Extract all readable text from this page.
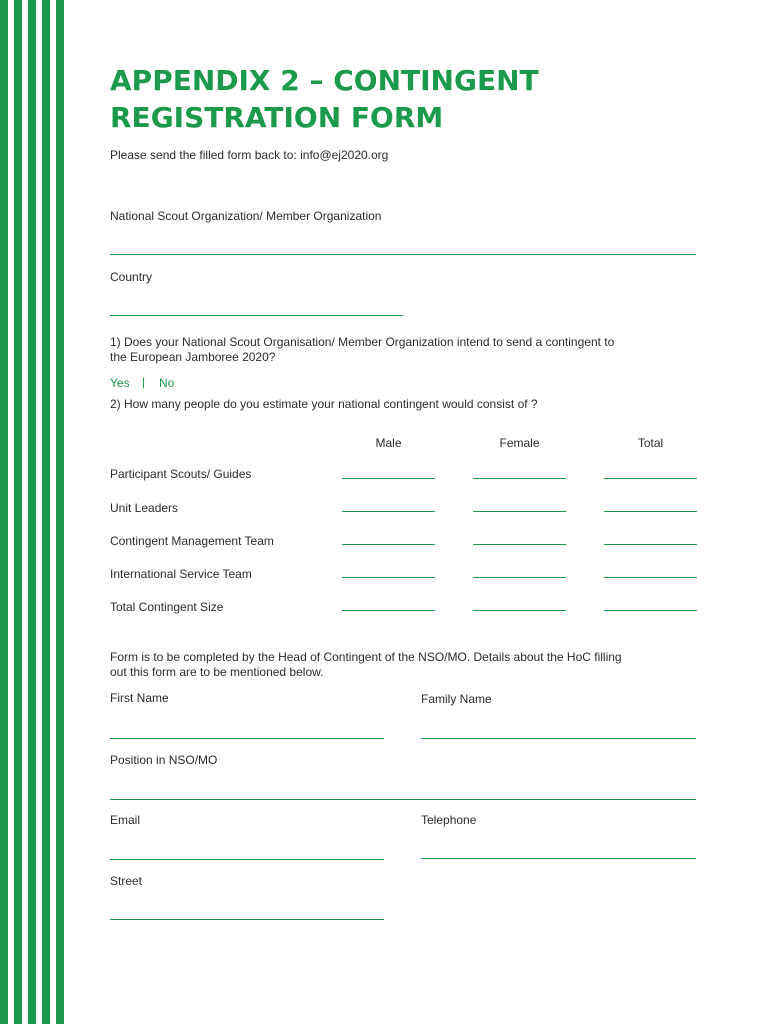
APPENDIX 2 – CONTINGENT
REGISTRATION FORM
Please send the filled form back to: info@ej2020.org
National Scout Organization/ Member Organization
Country
1) Does your National Scout Organisation/ Member Organization intend to send a contingent to
the European Jamboree 2020?
Yes | No
2) How many people do you estimate your national contingent would consist of ?
Male	Female	Total
Participant Scouts/ Guides
Unit Leaders
Contingent Management Team
International Service Team
Total Contingent Size
Form is to be completed by the Head of Contingent of the NSO/MO. Details about the HoC filling
out this form are to be mentioned below.
First Name	Family Name
Position in NSO/MO
Email	Telephone
Street
